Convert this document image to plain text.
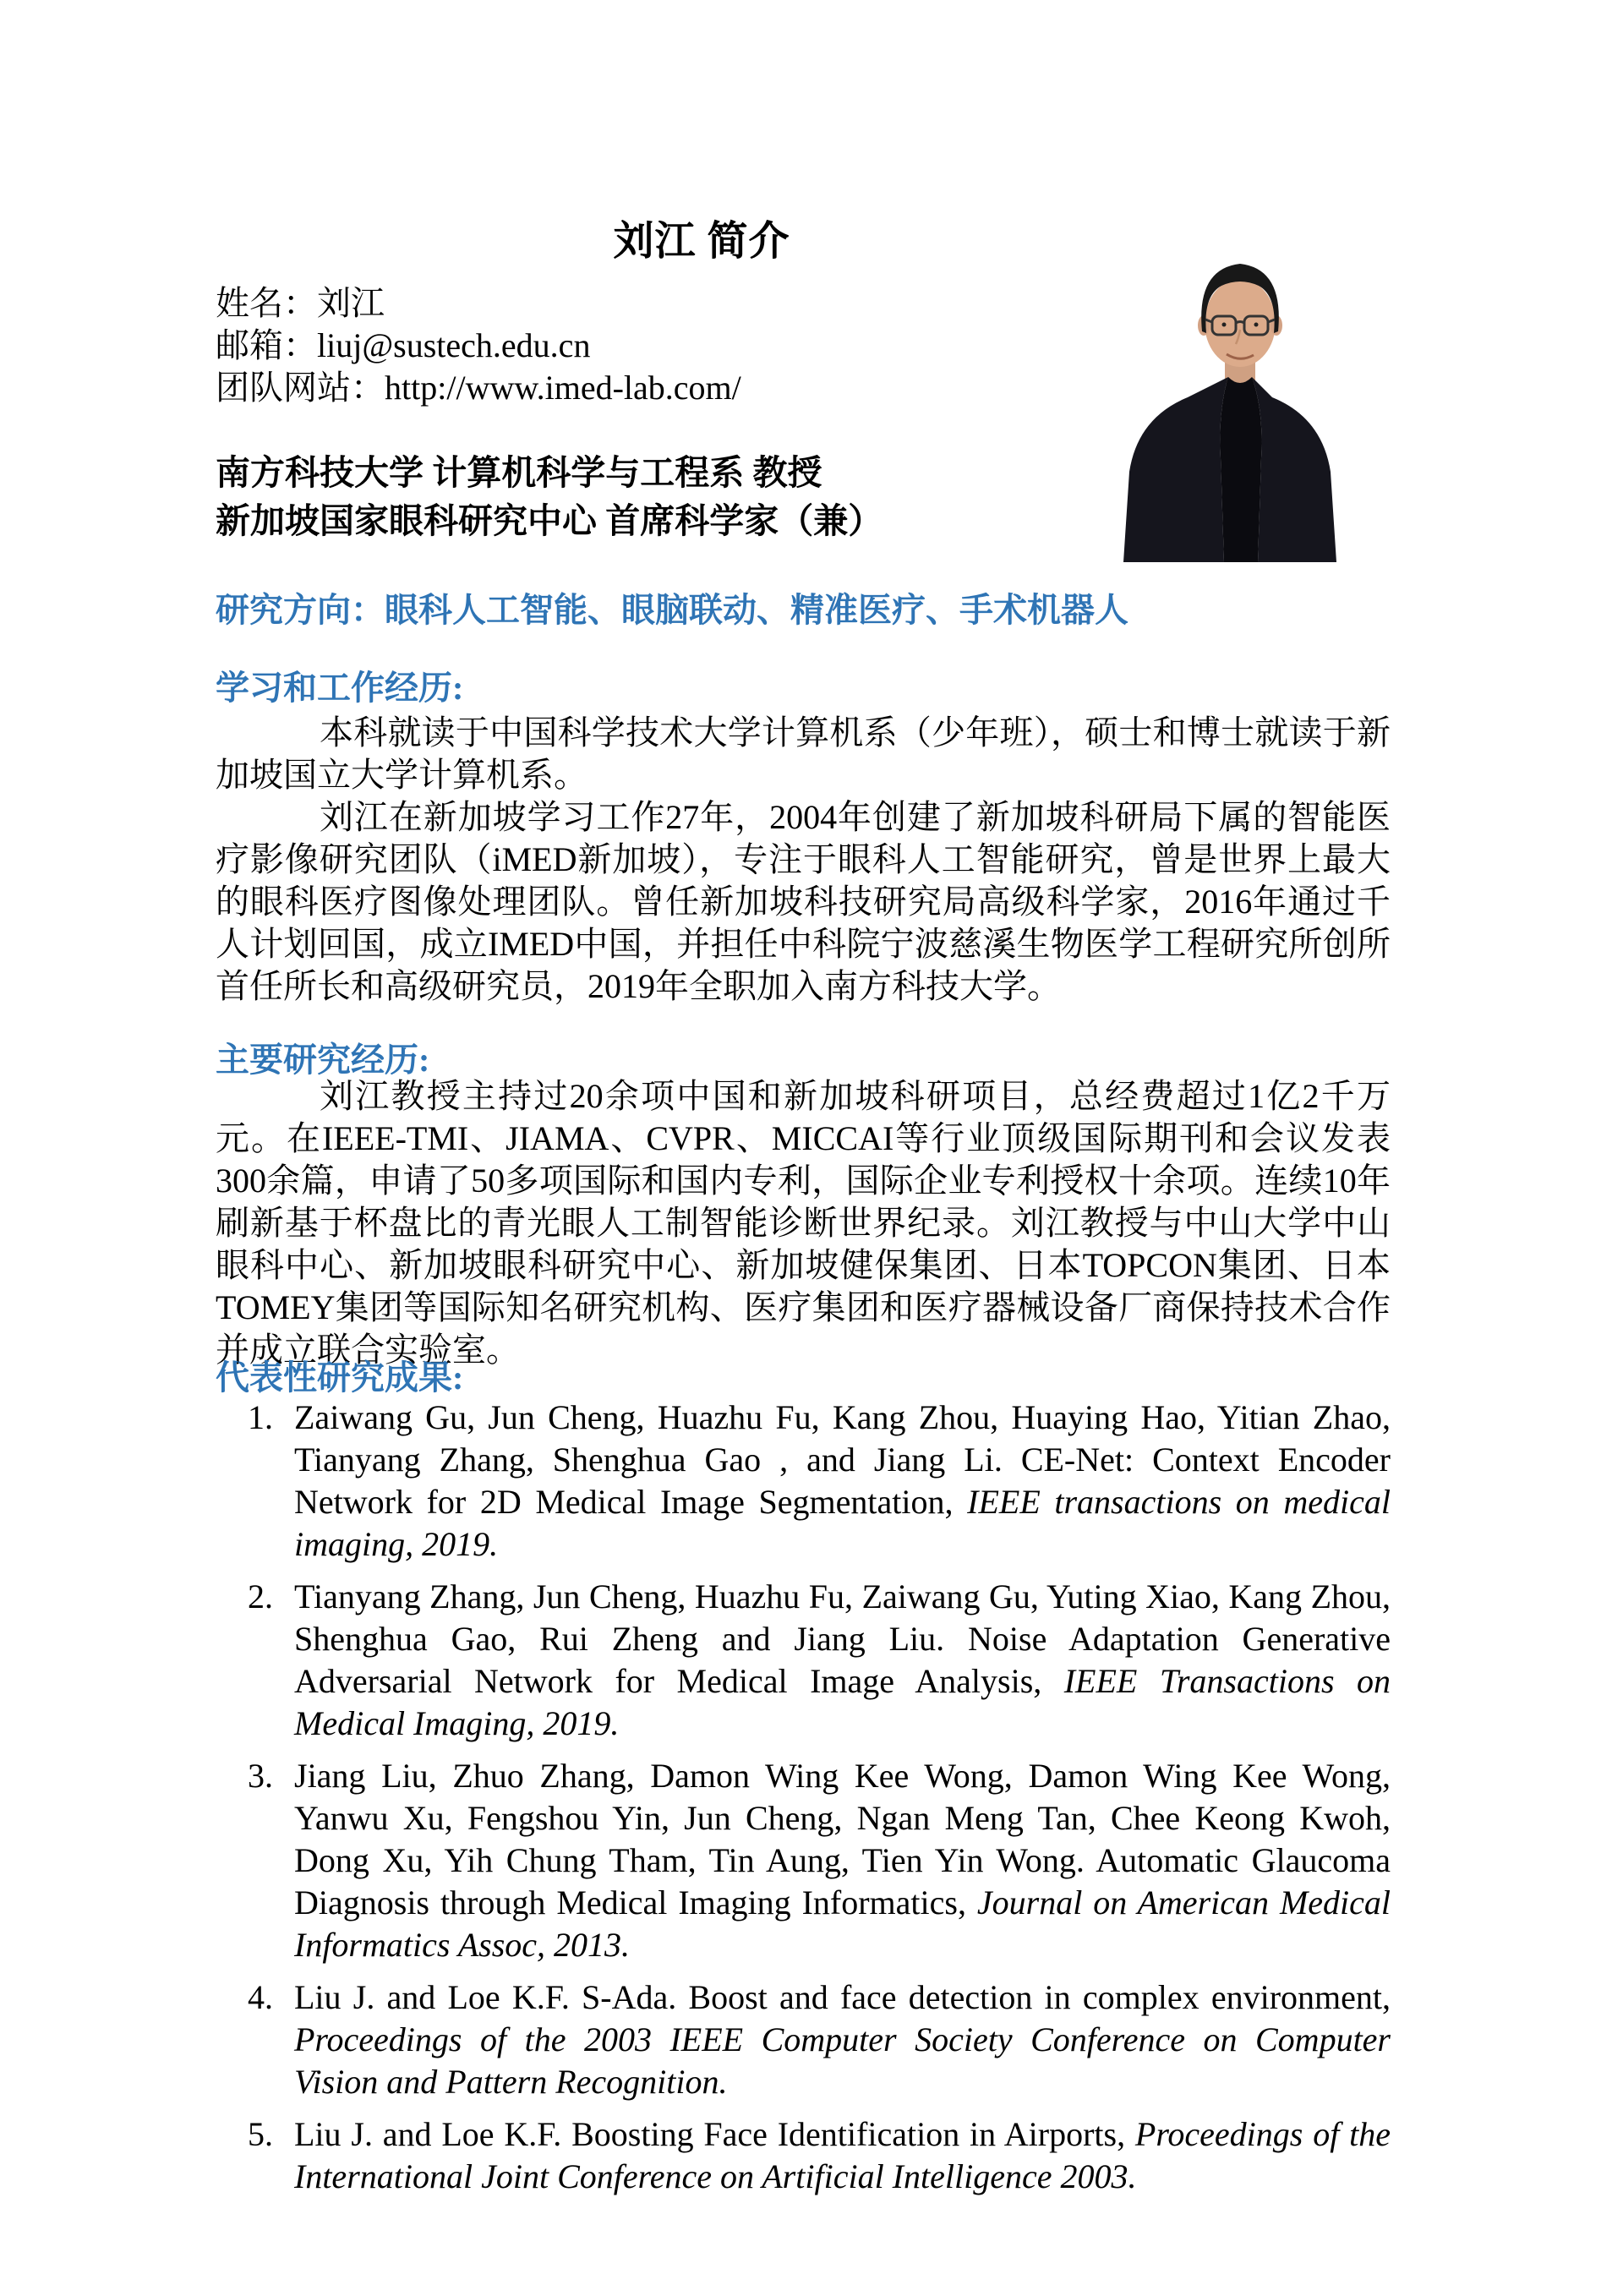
刘江 简介
姓名：刘江
邮箱：liuj@sustech.edu.cn
团队网站：http://www.imed-lab.com/
南方科技大学 计算机科学与工程系 教授
新加坡国家眼科研究中心 首席科学家（兼）
研究方向：眼科人工智能、眼脑联动、精准医疗、手术机器人
学习和工作经历:

本科就读于中国科学技术大学计算机系（少年班），硕士和博士就读于新加坡国立大学计算机系。

刘江在新加坡学习工作27年，2004年创建了新加坡科研局下属的智能医疗影像研究团队（iMED新加坡），专注于眼科人工智能研究，曾是世界上最大的眼科医疗图像处理团队。曾任新加坡科技研究局高级科学家，2016年通过千人计划回国，成立IMED中国，并担任中科院宁波慈溪生物医学工程研究所创所首任所长和高级研究员，2019年全职加入南方科技大学。

主要研究经历:

刘江教授主持过20余项中国和新加坡科研项目，总经费超过1亿2千万元。在IEEE-TMI、JIAMA、CVPR、MICCAI等行业顶级国际期刊和会议发表300余篇，申请了50多项国际和国内专利，国际企业专利授权十余项。连续10年刷新基于杯盘比的青光眼人工制智能诊断世界纪录。刘江教授与中山大学中山眼科中心、新加坡眼科研究中心、新加坡健保集团、日本TOPCON集团、日本TOMEY集团等国际知名研究机构、医疗集团和医疗器械设备厂商保持技术合作并成立联合实验室。

代表性研究成果:
1. Zaiwang Gu, Jun Cheng, Huazhu Fu, Kang Zhou, Huaying Hao, Yitian Zhao, Tianyang Zhang, Shenghua Gao , and Jiang Li. CE-Net: Context Encoder Network for 2D Medical Image Segmentation, IEEE transactions on medical imaging, 2019.
2. Tianyang Zhang, Jun Cheng, Huazhu Fu, Zaiwang Gu, Yuting Xiao, Kang Zhou, Shenghua Gao, Rui Zheng and Jiang Liu. Noise Adaptation Generative Adversarial Network for Medical Image Analysis, IEEE Transactions on Medical Imaging, 2019.
3. Jiang Liu, Zhuo Zhang, Damon Wing Kee Wong, Damon Wing Kee Wong, Yanwu Xu, Fengshou Yin, Jun Cheng, Ngan Meng Tan, Chee Keong Kwoh, Dong Xu, Yih Chung Tham, Tin Aung, Tien Yin Wong. Automatic Glaucoma Diagnosis through Medical Imaging Informatics, Journal on American Medical Informatics Assoc, 2013.
4. Liu J. and Loe K.F. S-Ada. Boost and face detection in complex environment, Proceedings of the 2003 IEEE Computer Society Conference on Computer Vision and Pattern Recognition.
5. Liu J. and Loe K.F. Boosting Face Identification in Airports, Proceedings of the International Joint Conference on Artificial Intelligence 2003.
